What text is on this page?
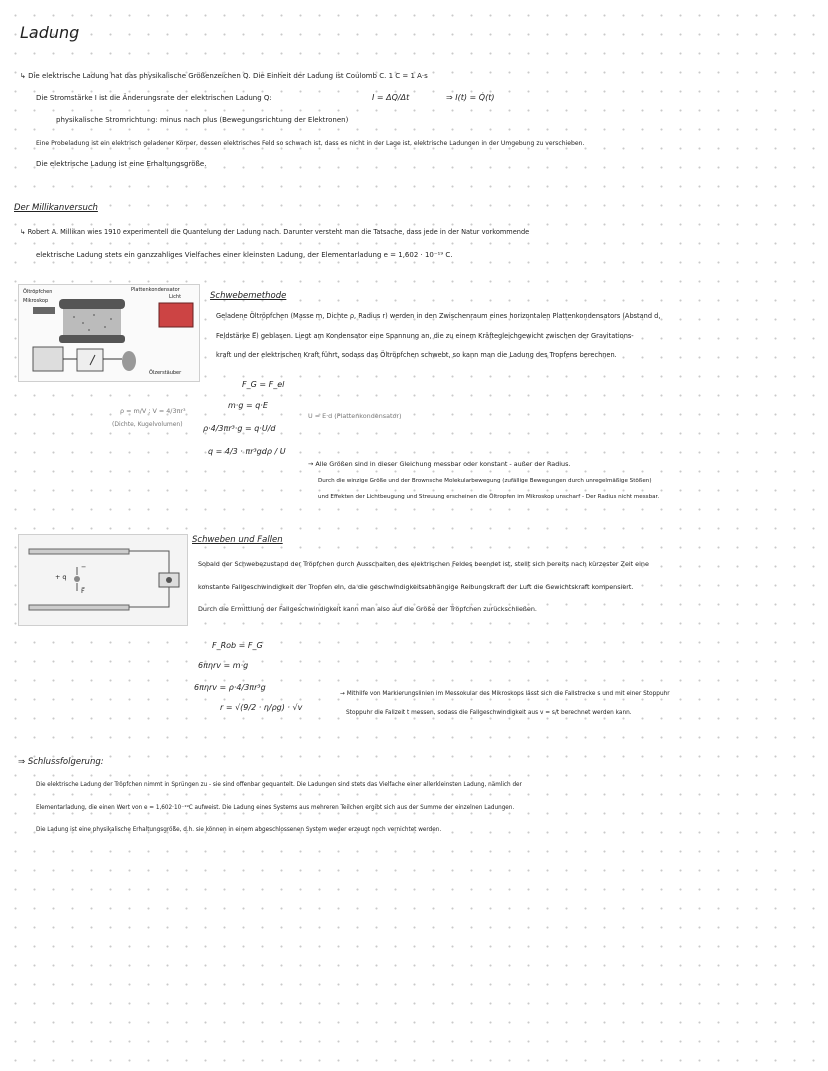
Ladung
↳ Die elektrische Ladung hat das physikalische Größenzeichen Q. Die Einheit der Ladung ist Coulomb C. 1 C = 1 A·s
Die Stromstärke I ist die Änderungsrate der elektrischen Ladung Q:	I = ΔQ/Δt	⇒ I(t) = Q̇(t)
physikalische Stromrichtung: minus nach plus (Bewegungsrichtung der Elektronen)
Eine Probeladung ist ein elektrisch geladener Körper, dessen elektrisches Feld so schwach ist, dass es nicht in der Lage ist, elektrische Ladungen in der Umgebung zu verschieben.
Die elektrische Ladung ist eine Erhaltungsgröße.
Der Millikanversuch
↳ Robert A. Millikan wies 1910 experimentell die Quantelung der Ladung nach. Darunter versteht man die Tatsache, dass jede in der Natur vorkommende
elektrische Ladung stets ein ganzzahliges Vielfaches einer kleinsten Ladung, der Elementarladung e = 1,602 · 10⁻¹⁹ C.
Öltröpfchen
Mikroskop
Plattenkondensator
Licht
Ölzerstäuber
Schwebemethode
Geladene Öltröpfchen (Masse m, Dichte ρ, Radius r) werden in den Zwischenraum eines horizontalen Plattenkondensators (Abstand d,
Feldstärke E⃗) geblasen. Liegt am Kondensator eine Spannung an, die zu einem Kräftegleichgewicht zwischen der Gravitations-
kraft und der elektrischen Kraft führt, sodass das Öltröpfchen schwebt, so kann man die Ladung des Tropfens berechnen.
F_G = F_el
m·g = q·E
ρ·4/3πr³·g = q·U/d
q = 4/3 · πr³gdρ / U
ρ = m/V ; V = 4/3πr³
(Dichte, Kugelvolumen)
U = E·d (Plattenkondensator)
→ Alle Größen sind in dieser Gleichung messbar oder konstant - außer der Radius.
Durch die winzige Größe und der Brownsche Molekularbewegung (zufällige Bewegungen durch unregelmäßige Stößen)
und Effekten der Lichtbeugung und Streuung erscheinen die Öltropfen im Mikroskop unscharf - Der Radius nicht messbar.
+ q
−
F⃗
Schweben und Fallen
Sobald der Schwebezustand der Tröpfchen durch Ausschalten des elektrischen Feldes beendet ist, stellt sich bereits nach kürzester Zeit eine
konstante Fallgeschwindigkeit der Tropfen ein, da die geschwindigkeitsabhängige Reibungskraft der Luft die Gewichtskraft kompensiert.
Durch die Ermittlung der Fallgeschwindigkeit kann man also auf die Größe der Tröpfchen zurückschließen.
F_Rob = F_G
6πηrv = m·g
6πηrv = ρ·4/3πr³g
r = √(9/2 · η/ρg) · √v
→ Mithilfe von Markierungslinien im Messokular des Mikroskops lässt sich die Fallstrecke s und mit einer Stoppuhr
Stoppuhr die Fallzeit t messen, sodass die Fallgeschwindigkeit aus v = s/t berechnet werden kann.
⇒ Schlussfolgerung:
Die elektrische Ladung der Tröpfchen nimmt in Sprüngen zu - sie sind offenbar gequantelt. Die Ladungen sind stets das Vielfache einer allerkleinsten Ladung, nämlich der
Elementarladung, die einen Wert von e = 1,602·10⁻¹⁹C aufweist. Die Ladung eines Systems aus mehreren Teilchen ergibt sich aus der Summe der einzelnen Ladungen.
Die Ladung ist eine physikalische Erhaltungsgröße, d.h. sie können in einem abgeschlossenen System weder erzeugt noch vernichtet werden.
